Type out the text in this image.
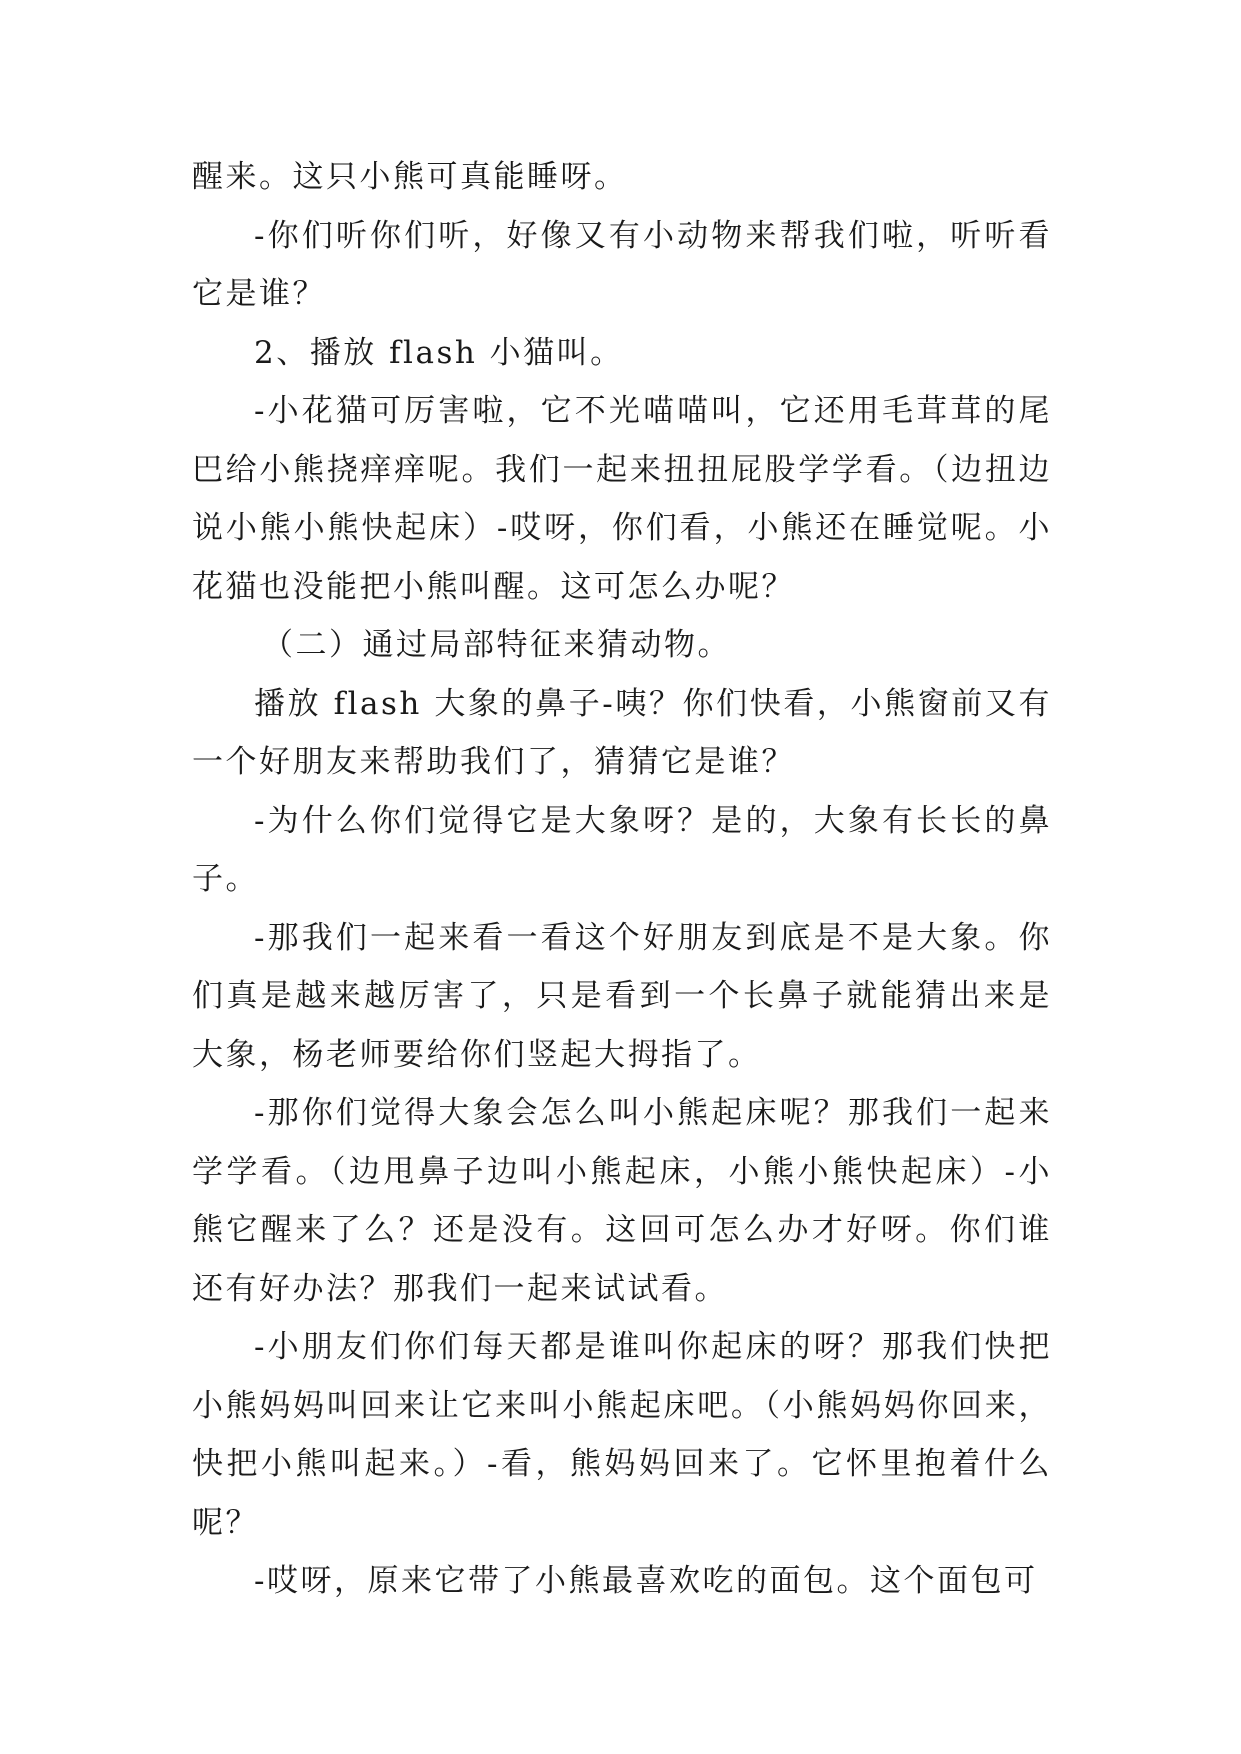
醒来。这只小熊可真能睡呀。

-你们听你们听，好像又有小动物来帮我们啦，听听看它是谁？

2、播放 flash 小猫叫。

-小花猫可厉害啦，它不光喵喵叫，它还用毛茸茸的尾巴给小熊挠痒痒呢。我们一起来扭扭屁股学学看。（边扭边说小熊小熊快起床）-哎呀，你们看，小熊还在睡觉呢。小花猫也没能把小熊叫醒。这可怎么办呢？

（二）通过局部特征来猜动物。

播放 flash 大象的鼻子-咦？你们快看，小熊窗前又有一个好朋友来帮助我们了，猜猜它是谁？

-为什么你们觉得它是大象呀？是的，大象有长长的鼻子。

-那我们一起来看一看这个好朋友到底是不是大象。你们真是越来越厉害了，只是看到一个长鼻子就能猜出来是大象，杨老师要给你们竖起大拇指了。

-那你们觉得大象会怎么叫小熊起床呢？那我们一起来学学看。（边甩鼻子边叫小熊起床，小熊小熊快起床）-小熊它醒来了么？还是没有。这回可怎么办才好呀。你们谁还有好办法？那我们一起来试试看。

-小朋友们你们每天都是谁叫你起床的呀？那我们快把小熊妈妈叫回来让它来叫小熊起床吧。（小熊妈妈你回来，快把小熊叫起来。）-看，熊妈妈回来了。它怀里抱着什么呢？

-哎呀，原来它带了小熊最喜欢吃的面包。这个面包可
